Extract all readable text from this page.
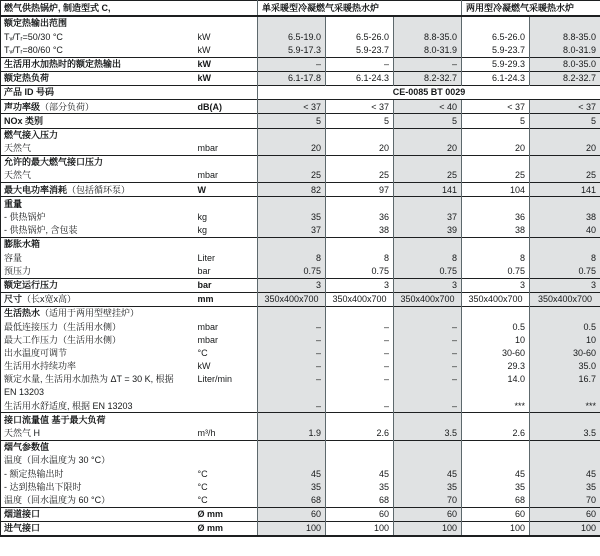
燃气供热锅炉, 制造型式 C,		单采暖型冷凝燃气采暖热水炉			两用型冷凝燃气采暖热水炉	
额定热输出范围						
Tᵥ/Tᵣ=50/30 °C	kW	6.5-19.0	6.5-26.0	8.8-35.0	6.5-26.0	8.8-35.0
Tᵥ/Tᵣ=80/60 °C	kW	5.9-17.3	5.9-23.7	8.0-31.9	5.9-23.7	8.0-31.9
生活用水加热时的额定热输出	kW	–	–	–	5.9-29.3	8.0-35.0
额定热负荷	kW	6.1-17.8	6.1-24.3	8.2-32.7	6.1-24.3	8.2-32.7
产品 ID 号码		CE-0085 BT 0029				
声功率级（部分负荷）	dB(A)	< 37	< 37	< 40	< 37	< 37
NOx 类别		5	5	5	5	5
燃气接入压力						
天然气	mbar	20	20	20	20	20
允许的最大燃气接口压力						
天然气	mbar	25	25	25	25	25
最大电功率消耗（包括循环泵）	W	82	97	141	104	141
重量						
- 供热锅炉	kg	35	36	37	36	38
- 供热锅炉, 含包装	kg	37	38	39	38	40
膨胀水箱						
容量	Liter	8	8	8	8	8
预压力	bar	0.75	0.75	0.75	0.75	0.75
额定运行压力	bar	3	3	3	3	3
尺寸（长x宽x高）	mm	350x400x700	350x400x700	350x400x700	350x400x700	350x400x700
生活热水（适用于两用型壁挂炉）						
最低连接压力（生活用水侧）	mbar	–	–	–	0.5	0.5
最大工作压力（生活用水侧）	mbar	–	–	–	10	10
出水温度可调节	°C	–	–	–	30-60	30-60
生活用水持续功率	kW	–	–	–	29.3	35.0
额定水量, 生活用水加热为 ΔT = 30 K, 根据	Liter/min	–	–	–	14.0	16.7
EN 13203						
生活用水舒适度, 根据 EN 13203		–	–	–	***	***
接口流量值 基于最大负荷						
天然气 H	m³/h	1.9	2.6	3.5	2.6	3.5
烟气参数值						
温度（回水温度为 30 °C）						
- 额定热输出时	°C	45	45	45	45	45
- 达到热输出下限时	°C	35	35	35	35	35
温度（回水温度为 60 °C）	°C	68	68	70	68	70
烟道接口	Ø mm	60	60	60	60	60
进气接口	Ø mm	100	100	100	100	100
